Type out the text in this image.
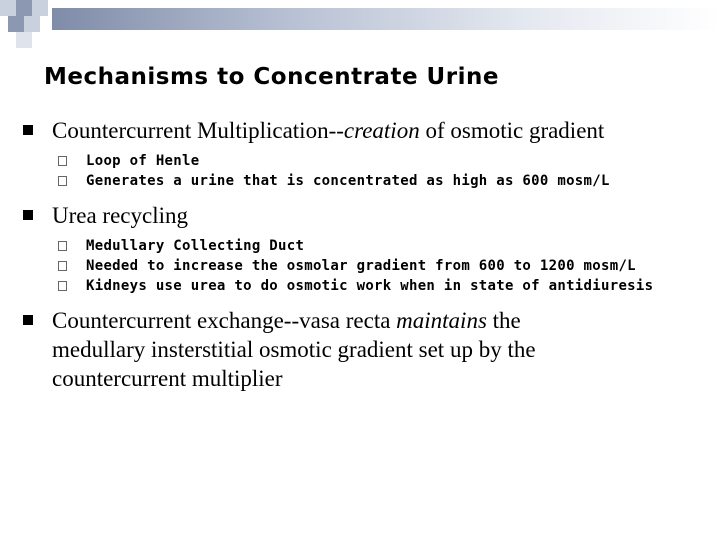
Mechanisms to Concentrate Urine
Countercurrent Multiplication--creation of osmotic gradient
Loop of Henle
Generates a urine that is concentrated as high as 600 mosm/L
Urea recycling
Medullary Collecting Duct
Needed to increase the osmolar gradient from 600 to 1200 mosm/L
Kidneys use urea to do osmotic work when in state of antidiuresis
Countercurrent exchange--vasa recta maintains the medullary insterstitial osmotic gradient set up by the countercurrent multiplier
